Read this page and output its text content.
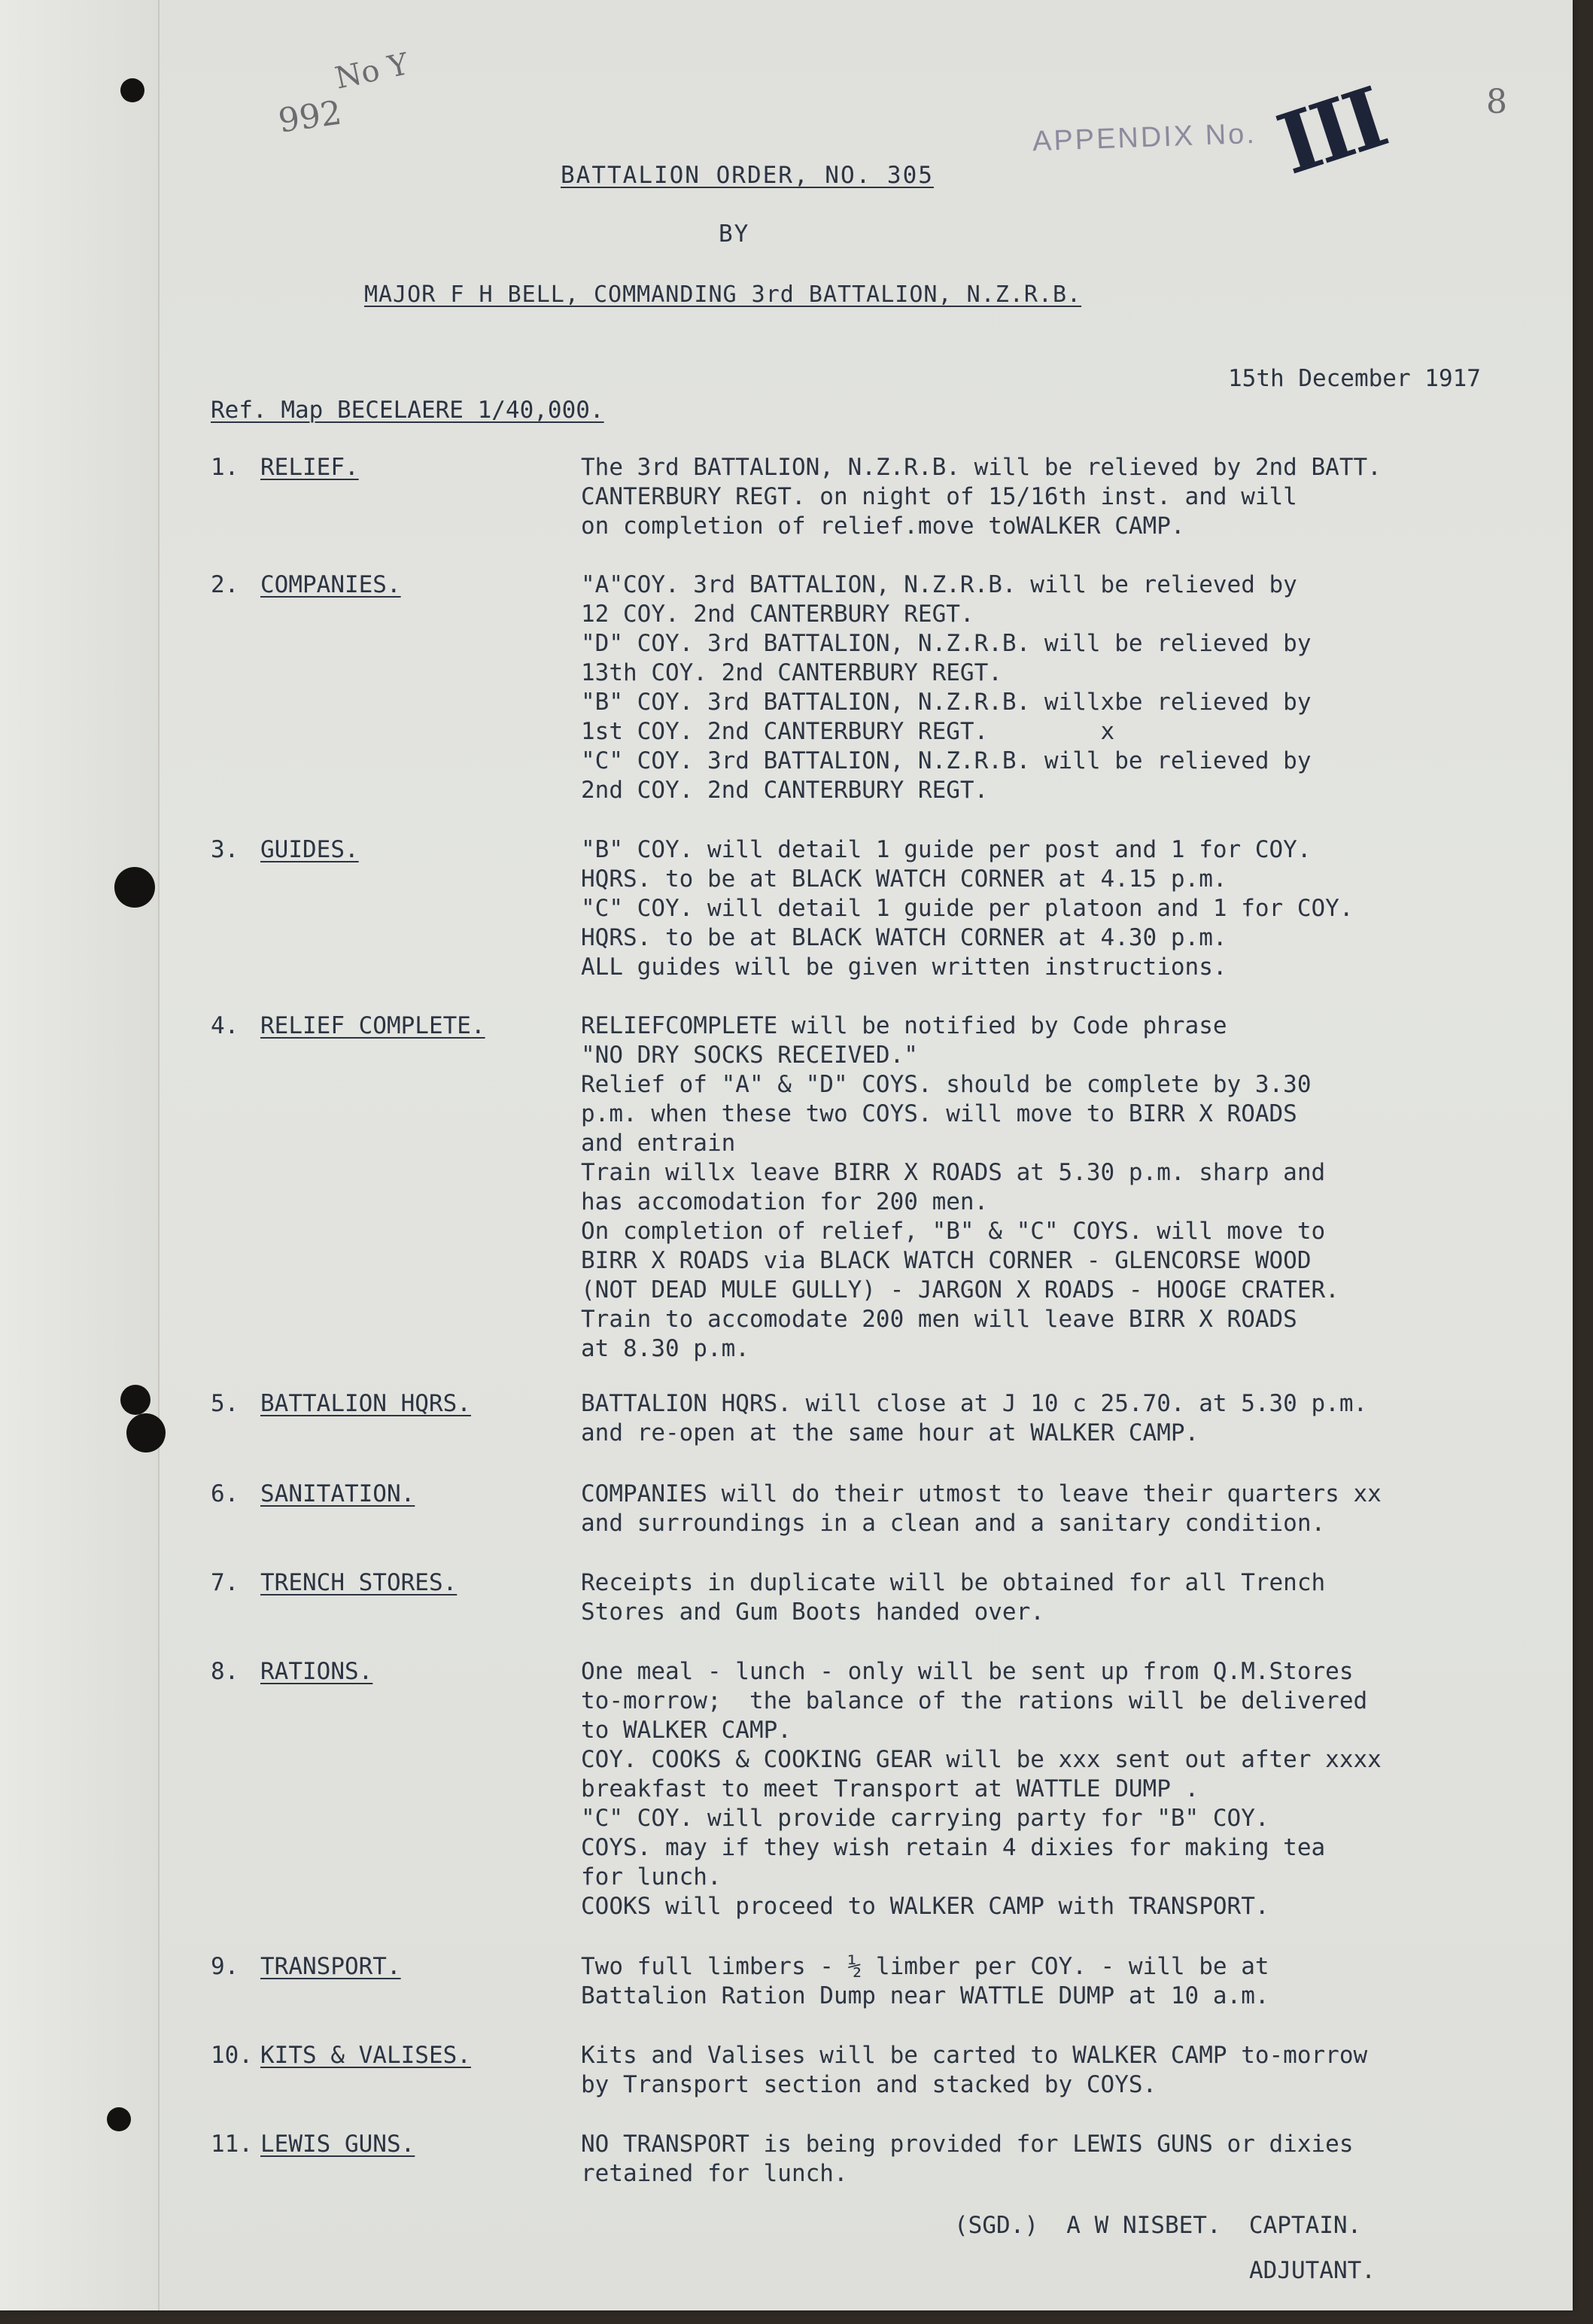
992
No Y
APPENDIX No. III	8
BATTALION ORDER, NO. 305
BY
MAJOR F H BELL, COMMANDING 3rd BATTALION, N.Z.R.B.
15th December 1917
Ref. Map BECELAERE 1/40,000.
1. RELIEF.	The 3rd BATTALION, N.Z.R.B. will be relieved by 2nd BATT.
CANTERBURY REGT. on night of 15/16th inst. and will
on completion of relief.move toWALKER CAMP.
2. COMPANIES.	"A"COY. 3rd BATTALION, N.Z.R.B. will be relieved by
12 COY. 2nd CANTERBURY REGT.
"D" COY. 3rd BATTALION, N.Z.R.B. will be relieved by
13th COY. 2nd CANTERBURY REGT.
"B" COY. 3rd BATTALION, N.Z.R.B. willxbe relieved by
1st COY. 2nd CANTERBURY REGT.        x
"C" COY. 3rd BATTALION, N.Z.R.B. will be relieved by
2nd COY. 2nd CANTERBURY REGT.
3. GUIDES.	"B" COY. will detail 1 guide per post and 1 for COY.
HQRS. to be at BLACK WATCH CORNER at 4.15 p.m.
"C" COY. will detail 1 guide per platoon and 1 for COY.
HQRS. to be at BLACK WATCH CORNER at 4.30 p.m.
ALL guides will be given written instructions.
4. RELIEF COMPLETE.	RELIEFCOMPLETE will be notified by Code phrase
"NO DRY SOCKS RECEIVED."
Relief of "A" & "D" COYS. should be complete by 3.30
p.m. when these two COYS. will move to BIRR X ROADS
and entrain
Train willx leave BIRR X ROADS at 5.30 p.m. sharp and
has accomodation for 200 men.
On completion of relief, "B" & "C" COYS. will move to
BIRR X ROADS via BLACK WATCH CORNER - GLENCORSE WOOD
(NOT DEAD MULE GULLY) - JARGON X ROADS - HOOGE CRATER.
Train to accomodate 200 men will leave BIRR X ROADS
at 8.30 p.m.
5. BATTALION HQRS.	BATTALION HQRS. will close at J 10 c 25.70. at 5.30 p.m.
and re-open at the same hour at WALKER CAMP.
6. SANITATION.	COMPANIES will do their utmost to leave their quarters xx
and surroundings in a clean and a sanitary condition.
7. TRENCH STORES.	Receipts in duplicate will be obtained for all Trench
Stores and Gum Boots handed over.
8. RATIONS.	One meal - lunch - only will be sent up from Q.M.Stores
to-morrow;  the balance of the rations will be delivered
to WALKER CAMP.
COY. COOKS & COOKING GEAR will be xxx sent out after xxxx
breakfast to meet Transport at WATTLE DUMP .
"C" COY. will provide carrying party for "B" COY.
COYS. may if they wish retain 4 dixies for making tea
for lunch.
COOKS will proceed to WALKER CAMP with TRANSPORT.
9. TRANSPORT.	Two full limbers - ½ limber per COY. - will be at
Battalion Ration Dump near WATTLE DUMP at 10 a.m.
10. KITS & VALISES.	Kits and Valises will be carted to WALKER CAMP to-morrow
by Transport section and stacked by COYS.
11. LEWIS GUNS.	NO TRANSPORT is being provided for LEWIS GUNS or dixies
retained for lunch.
(SGD.)  A W NISBET.  CAPTAIN.
ADJUTANT.
